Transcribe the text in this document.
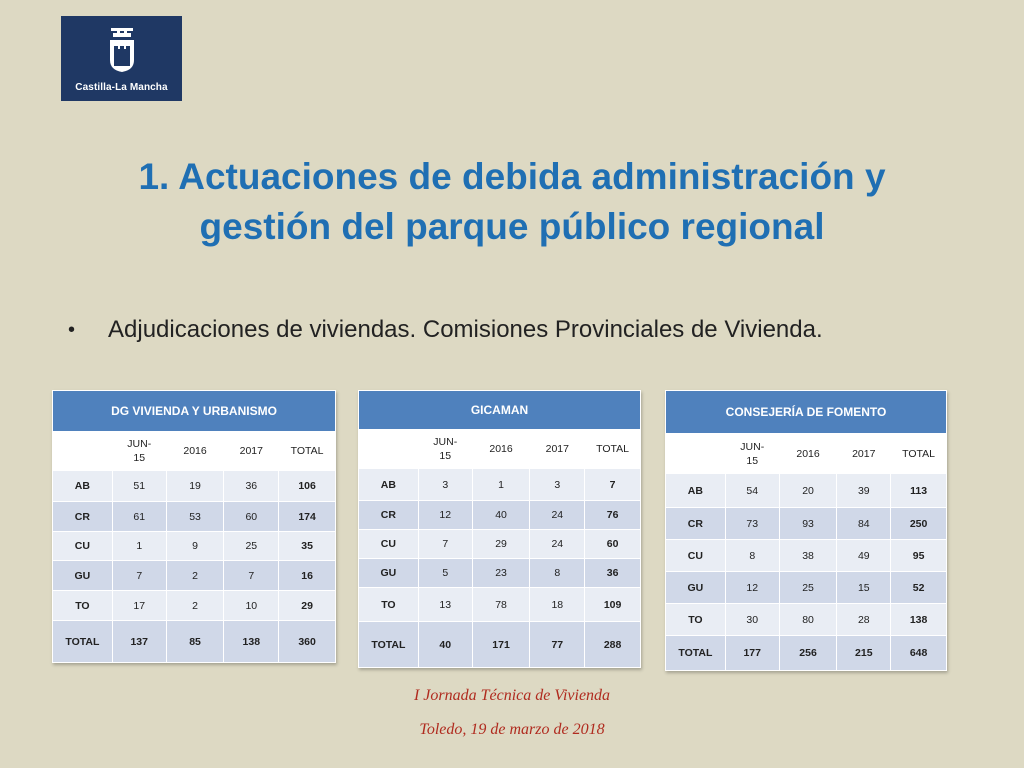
Castilla-La Mancha
1. Actuaciones de debida administración y
gestión del parque público regional
•	Adjudicaciones de viviendas. Comisiones Provinciales de Vivienda.
DG VIVIENDA Y URBANISMO				
	JUN-15	2016	2017	TOTAL
AB	51	19	36	106
CR	61	53	60	174
CU	1	9	25	35
GU	7	2	7	16
TO	17	2	10	29
TOTAL	137	85	138	360
GICAMAN				
	JUN-15	2016	2017	TOTAL
AB	3	1	3	7
CR	12	40	24	76
CU	7	29	24	60
GU	5	23	8	36
TO	13	78	18	109
TOTAL	40	171	77	288
CONSEJERÍA DE FOMENTO				
	JUN-15	2016	2017	TOTAL
AB	54	20	39	113
CR	73	93	84	250
CU	8	38	49	95
GU	12	25	15	52
TO	30	80	28	138
TOTAL	177	256	215	648
I Jornada Técnica de Vivienda
Toledo, 19 de marzo de 2018
